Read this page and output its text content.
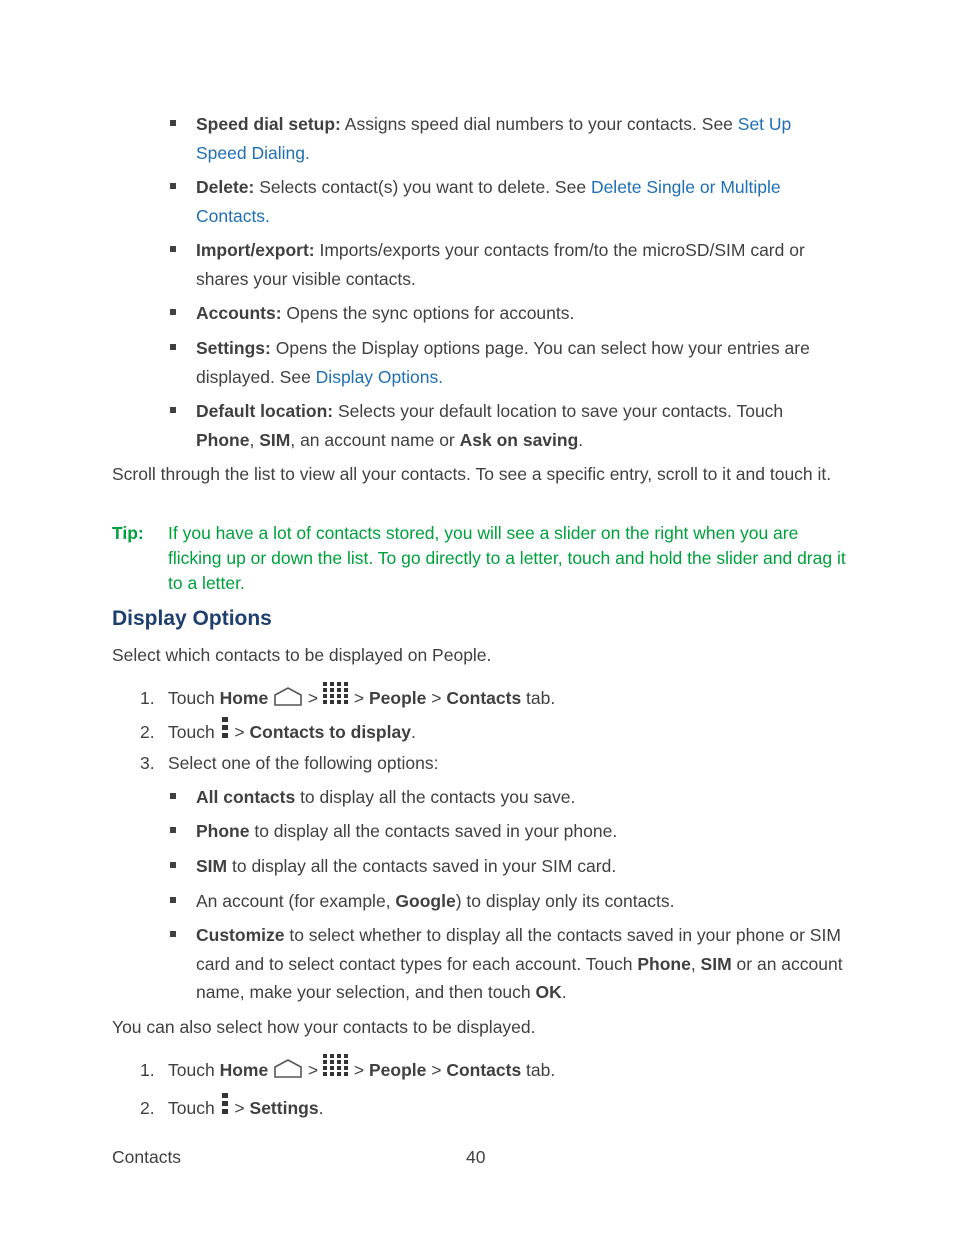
Speed dial setup: Assigns speed dial numbers to your contacts. See Set Up Speed Dialing.
Delete: Selects contact(s) you want to delete. See Delete Single or Multiple Contacts.
Import/export: Imports/exports your contacts from/to the microSD/SIM card or shares your visible contacts.
Accounts: Opens the sync options for accounts.
Settings: Opens the Display options page. You can select how your entries are displayed. See Display Options.
Default location: Selects your default location to save your contacts. Touch Phone, SIM, an account name or Ask on saving.
Scroll through the list to view all your contacts. To see a specific entry, scroll to it and touch it.
Tip: If you have a lot of contacts stored, you will see a slider on the right when you are flicking up or down the list. To go directly to a letter, touch and hold the slider and drag it to a letter.
Display Options
Select which contacts to be displayed on People.
1. Touch Home  >  > People > Contacts tab.
2. Touch  > Contacts to display.
3. Select one of the following options:
All contacts to display all the contacts you save.
Phone to display all the contacts saved in your phone.
SIM to display all the contacts saved in your SIM card.
An account (for example, Google) to display only its contacts.
Customize to select whether to display all the contacts saved in your phone or SIM card and to select contact types for each account. Touch Phone, SIM or an account name, make your selection, and then touch OK.
You can also select how your contacts to be displayed.
1. Touch Home  >  > People > Contacts tab.
2. Touch  > Settings.
Contacts	40
